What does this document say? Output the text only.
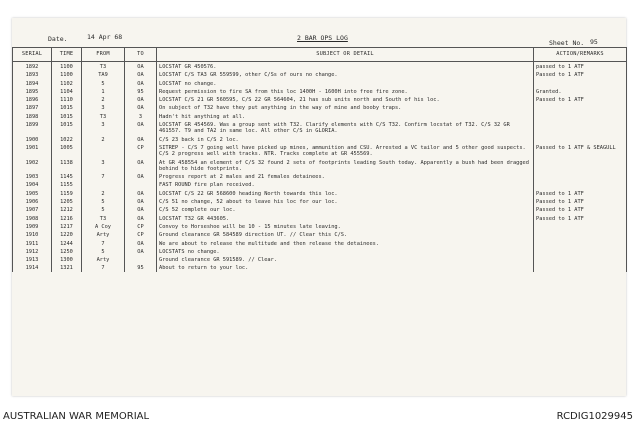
Date.	14 Apr 68	2 BAR OPS LOG
Sheet No. 95
SERIAL	TIME	FROM	TO	SUBJECT OR DETAIL	ACTION/REMARKS
1892	1100	T3	OA	LOCSTAT GR 450576.	passed to 1 ATF
1893	1100	TA9	OA	LOCSTAT C/S TA3 GR 559599, other C/Ss of ours no change.	Passed to 1 ATF
1894	1102	5	OA	LOCSTAT no change.	
1895	1104	1	95	Request permission to fire SA from this loc 1400H - 1600H into free fire zone.	Granted.
1896	1110	2	OA	LOCSTAT C/S 21 GR 560595, C/S 22 GR 564604, 21 has sub units north and South of his loc.	Passed to 1 ATF
1897	1015	3	OA	On subject of T32 have they put anything in the way of mine and booby traps.	
1898	1015	T3	3	Hadn't hit anything at all.	
1899	1015	3	OA	LOCSTAT GR 454569. Was a group sent with T32. Clarify elements with C/S T32. Confirm locstat of T32. C/S 32 GR 461557. T9 and TA2 in same loc. All other C/S in GLORIA.	
1900	1022	2	OA	C/S 23 back in C/S 2 loc.	
1901	1005		CP	SITREP - C/S 7 going well have picked up mines, ammunition and CSU. Arrested a VC tailor and 5 other good suspects. C/S 2 progress well with tracks. NTR. Tracks complete at GR 455569.	Passed to 1 ATF & SEAGULL
1902	1138	3	OA	At GR 458554 an element of C/S 32 found 2 sets of footprints leading South today. Apparently a bush had been dragged behind to hide footprints.	
1903	1145	7	OA	Progress report at 2 males and 21 females detainees.	
1904	1155			FAST ROUND fire plan received.	
1905	1159	2	OA	LOCSTAT C/S 22 GR 568600 heading North towards this loc.	Passed to 1 ATF
1906	1205	5	OA	C/S 51 no change, 52 about to leave his loc for our loc.	Passed to 1 ATF
1907	1212	5	OA	C/S 52 complete our loc.	Passed to 1 ATF
1908	1216	T3	OA	LOCSTAT T32 GR 443605.	Passed to 1 ATF
1909	1217	A Coy	CP	Convoy to Horseshoe will be 10 - 15 minutes late leaving.	
1910	1220	Arty	CP	Ground clearance GR 584589 direction UT. // Clear this C/S.	
1911	1244	7	OA	We are about to release the multitude and then release the detainees.	
1912	1250	5	OA	LOCSTATS no change.	
1913	1300	Arty		Ground clearance GR 591589. // Clear.	
1914	1321	7	95	About to return to your loc.	
AUSTRALIAN WAR MEMORIAL	RCDIG1029945
